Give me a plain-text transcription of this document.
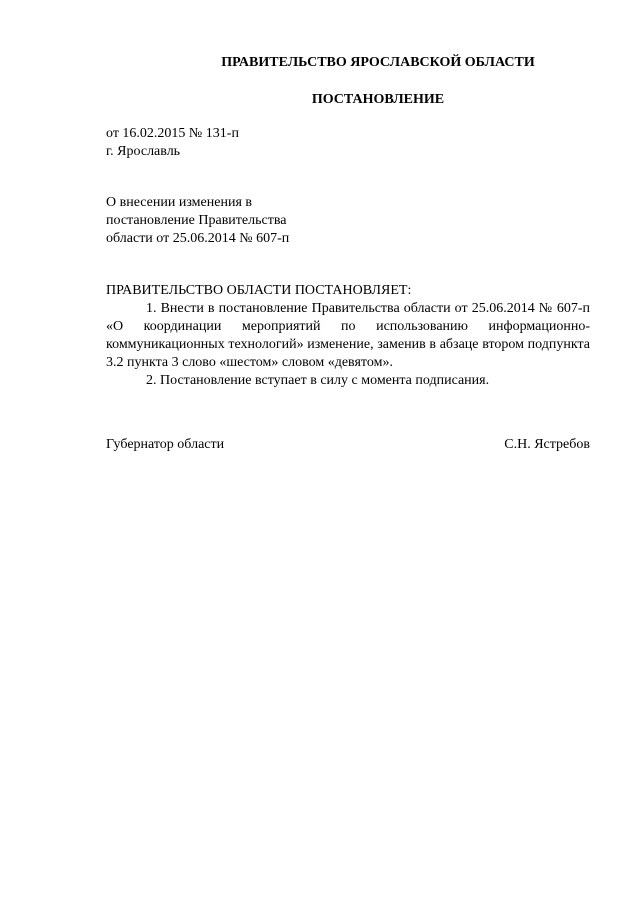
ПРАВИТЕЛЬСТВО ЯРОСЛАВСКОЙ ОБЛАСТИ
ПОСТАНОВЛЕНИЕ
от 16.02.2015 № 131-п
г. Ярославль
О внесении изменения в
постановление Правительства
области от 25.06.2014 № 607-п

ПРАВИТЕЛЬСТВО ОБЛАСТИ ПОСТАНОВЛЯЕТ:

1. Внести в постановление Правительства области от 25.06.2014 № 607-п «О координации мероприятий по использованию информационно-коммуникационных технологий» изменение, заменив в абзаце втором подпункта 3.2 пункта 3 слово «шестом» словом «девятом».

2. Постановление вступает в силу с момента подписания.

Губернатор области	С.Н. Ястребов
